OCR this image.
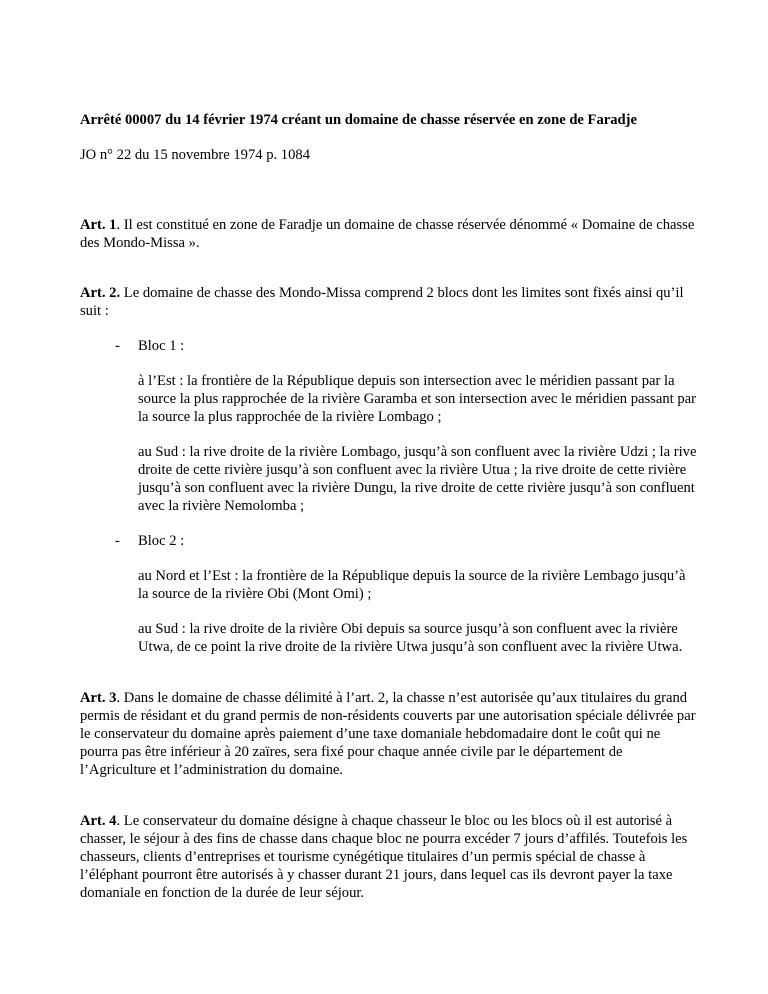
Arrêté 00007 du 14 février 1974 créant un domaine de chasse réservée en zone de Faradje

JO n° 22 du 15 novembre 1974 p. 1084

Art. 1. Il est constitué en zone de Faradje un domaine de chasse réservée dénommé « Domaine de chasse des Mondo-Missa ».

Art. 2. Le domaine de chasse des Mondo-Missa comprend 2 blocs dont les limites sont fixés ainsi qu’il suit :

-	Bloc 1 :

à l’Est : la frontière de la République depuis son intersection avec le méridien passant par la source la plus rapprochée de la rivière Garamba et son intersection avec le méridien passant par la source la plus rapprochée de la rivière Lombago ;

au Sud : la rive droite de la rivière Lombago, jusqu’à son confluent avec la rivière Udzi ; la rive droite de cette rivière jusqu’à son confluent avec la rivière Utua ; la rive droite de cette rivière jusqu’à son confluent avec la rivière Dungu, la rive droite de cette rivière jusqu’à son confluent avec la rivière Nemolomba ;

-	Bloc 2 :

au Nord et l’Est : la frontière de la République depuis la source de la rivière Lembago jusqu’à la source de la rivière Obi (Mont Omi) ;

au Sud : la rive droite de la rivière Obi depuis sa source jusqu’à son confluent avec la rivière Utwa, de ce point la rive droite de la rivière Utwa jusqu’à son confluent avec la rivière Utwa.

Art. 3. Dans le domaine de chasse délimité à l’art. 2, la chasse n’est autorisée qu’aux titulaires du grand permis de résidant et du grand permis de non-résidents couverts par une autorisation spéciale délivrée par le conservateur du domaine après paiement d’une taxe domaniale hebdomadaire dont le coût qui ne pourra pas être inférieur à 20 zaïres, sera fixé pour chaque année civile par le département de l’Agriculture et l’administration du domaine.

Art. 4. Le conservateur du domaine désigne à chaque chasseur le bloc ou les blocs où il est autorisé à chasser, le séjour à des fins de chasse dans chaque bloc ne pourra excéder 7 jours d’affilés. Toutefois les chasseurs, clients d’entreprises et tourisme cynégétique titulaires d’un permis spécial de chasse à l’éléphant pourront être autorisés à y chasser durant 21 jours, dans lequel cas ils devront payer la taxe domaniale en fonction de la durée de leur séjour.
